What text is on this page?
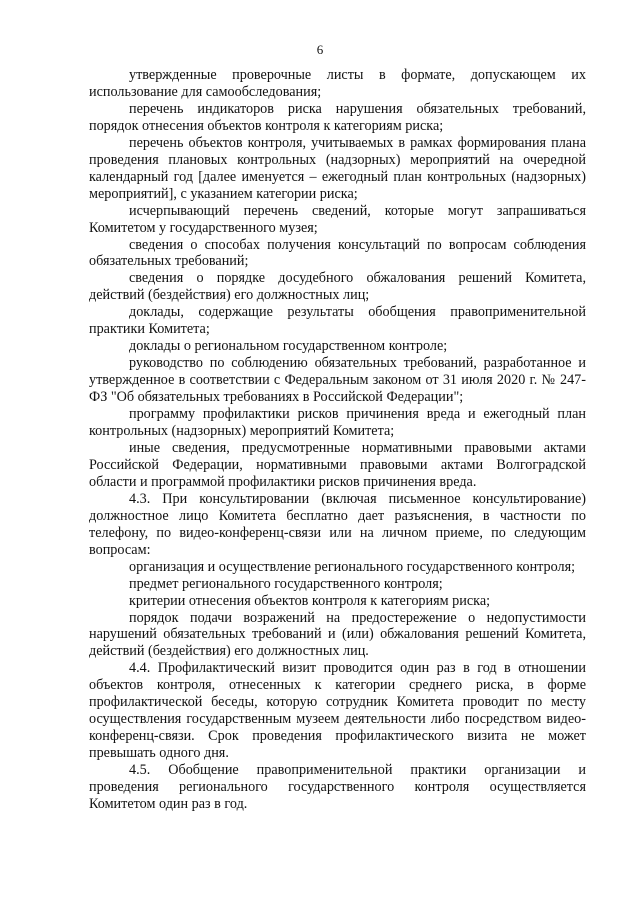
6

утвержденные проверочные листы в формате, допускающем их использование для самообследования;

перечень индикаторов риска нарушения обязательных требований, порядок отнесения объектов контроля к категориям риска;

перечень объектов контроля, учитываемых в рамках формирования плана проведения плановых контрольных (надзорных) мероприятий на очередной календарный год [далее именуется – ежегодный план контрольных (надзорных) мероприятий], с указанием категории риска;

исчерпывающий перечень сведений, которые могут запрашиваться Комитетом у государственного музея;

сведения о способах получения консультаций по вопросам соблюдения обязательных требований;

сведения о порядке досудебного обжалования решений Комитета, действий (бездействия) его должностных лиц;

доклады, содержащие результаты обобщения правоприменительной практики Комитета;

доклады о региональном государственном контроле;

руководство по соблюдению обязательных требований, разработанное и утвержденное в соответствии с Федеральным законом от 31 июля 2020 г. № 247-ФЗ "Об обязательных требованиях в Российской Федерации";

программу профилактики рисков причинения вреда и ежегодный план контрольных (надзорных) мероприятий Комитета;

иные сведения, предусмотренные нормативными правовыми актами Российской Федерации, нормативными правовыми актами Волгоградской области и программой профилактики рисков причинения вреда.

4.3. При консультировании (включая письменное консультирование) должностное лицо Комитета бесплатно дает разъяснения, в частности по телефону, по видео-конференц-связи или на личном приеме, по следующим вопросам:

организация и осуществление регионального государственного контроля;

предмет регионального государственного контроля;

критерии отнесения объектов контроля к категориям риска;

порядок подачи возражений на предостережение о недопустимости нарушений обязательных требований и (или) обжалования решений Комитета, действий (бездействия) его должностных лиц.

4.4. Профилактический визит проводится один раз в год в отношении объектов контроля, отнесенных к категории среднего риска, в форме профилактической беседы, которую сотрудник Комитета проводит по месту осуществления государственным музеем деятельности либо посредством видео-конференц-связи. Срок проведения профилактического визита не может превышать одного дня.

4.5. Обобщение правоприменительной практики организации и проведения регионального государственного контроля осуществляется Комитетом один раз в год.
